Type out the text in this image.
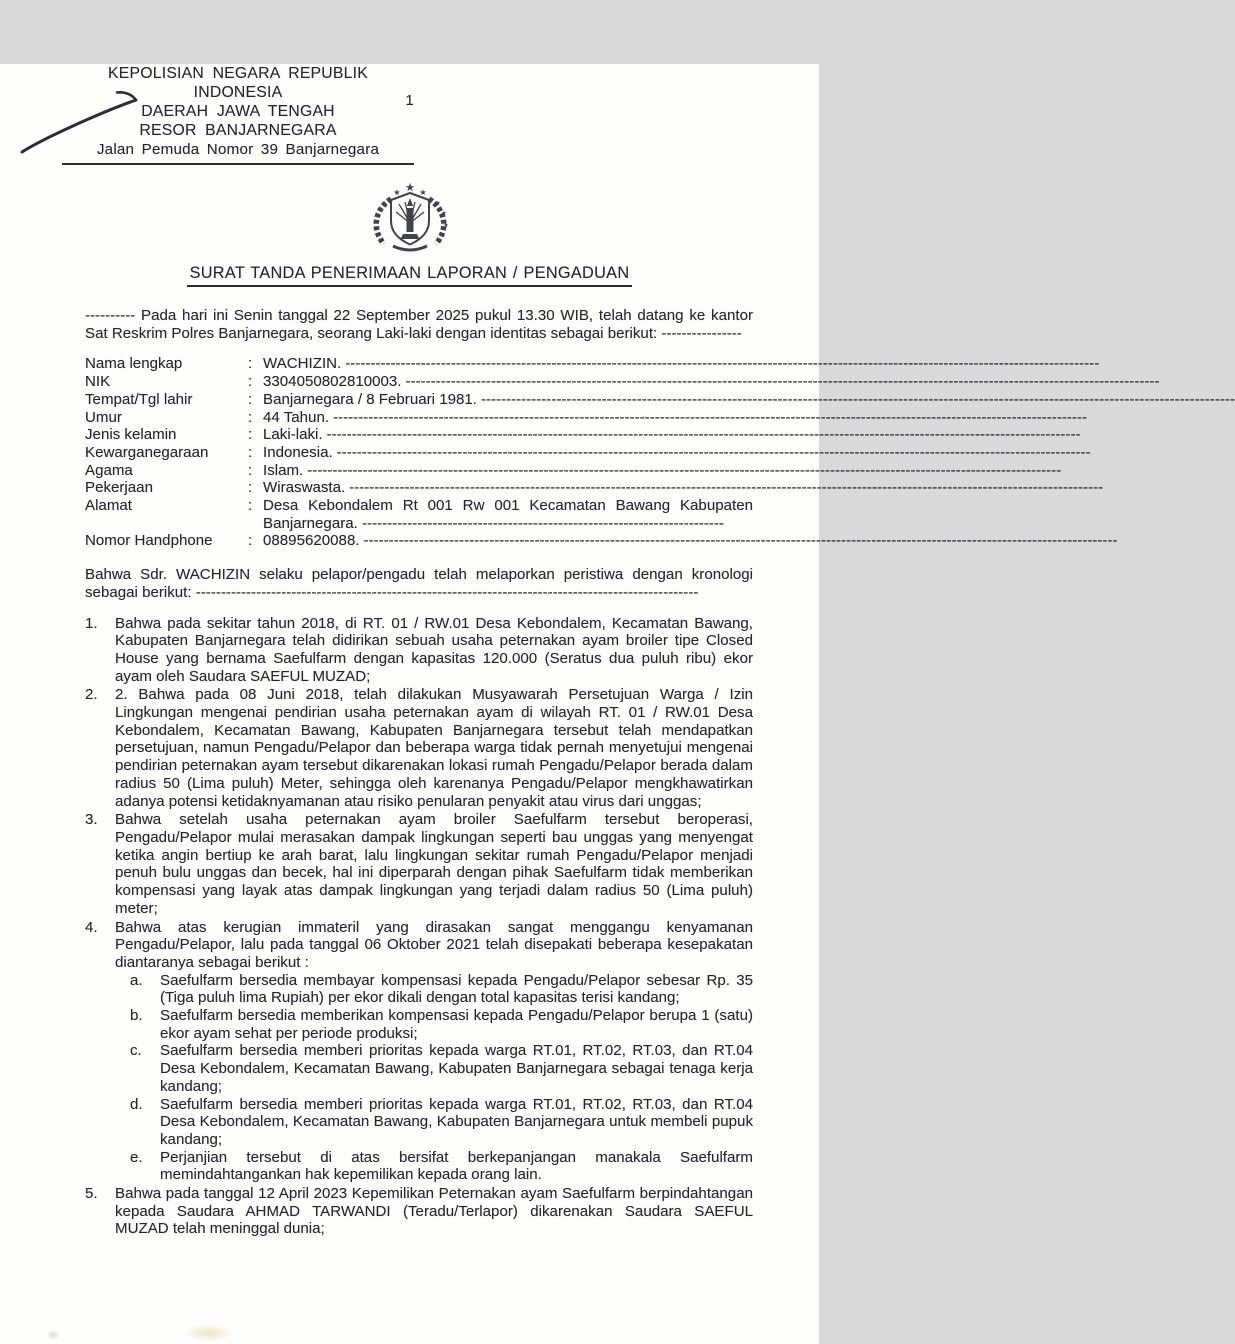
1
KEPOLISIAN NEGARA REPUBLIK INDONESIA
DAERAH JAWA TENGAH
RESOR BANJARNEGARA
Jalan Pemuda Nomor 39 Banjarnegara
★
★ ★
★
★
★
SURAT TANDA PENERIMAAN LAPORAN / PENGADUAN

---------- Pada hari ini Senin tanggal 22 September 2025 pukul 13.30 WIB, telah datang ke kantor Sat Reskrim Polres Banjarnegara, seorang Laki-laki dengan identitas sebagai berikut: ----------------

Nama lengkap	: WACHIZIN. ------------------------------------------------------------------------------------------------------------------------------------------------------
NIK	: 3304050802810003. ------------------------------------------------------------------------------------------------------------------------------------------------------
Tempat/Tgl lahir	: Banjarnegara / 8 Februari 1981. ------------------------------------------------------------------------------------------------------------------------------------------------------
Umur	: 44 Tahun. ------------------------------------------------------------------------------------------------------------------------------------------------------
Jenis kelamin	: Laki-laki. ------------------------------------------------------------------------------------------------------------------------------------------------------
Kewarganegaraan	: Indonesia. ------------------------------------------------------------------------------------------------------------------------------------------------------
Agama	: Islam. ------------------------------------------------------------------------------------------------------------------------------------------------------
Pekerjaan	: Wiraswasta. ------------------------------------------------------------------------------------------------------------------------------------------------------
Alamat	: Desa Kebondalem Rt 001 Rw 001 Kecamatan Bawang Kabupaten Banjarnegara. ------------------------------------------------------------------------
Nomor Handphone	: 08895620088. ------------------------------------------------------------------------------------------------------------------------------------------------------

Bahwa Sdr. WACHIZIN selaku pelapor/pengadu telah melaporkan peristiwa dengan kronologi sebagai berikut: ----------------------------------------------------------------------------------------------------

1.	Bahwa pada sekitar tahun 2018, di RT. 01 / RW.01 Desa Kebondalem, Kecamatan Bawang, Kabupaten Banjarnegara telah didirikan sebuah usaha peternakan ayam broiler tipe Closed House yang bernama Saefulfarm dengan kapasitas 120.000 (Seratus dua puluh ribu) ekor ayam oleh Saudara SAEFUL MUZAD;
2.	2. Bahwa pada 08 Juni 2018, telah dilakukan Musyawarah Persetujuan Warga / Izin Lingkungan mengenai pendirian usaha peternakan ayam di wilayah RT. 01 / RW.01 Desa Kebondalem, Kecamatan Bawang, Kabupaten Banjarnegara tersebut telah mendapatkan persetujuan, namun Pengadu/Pelapor dan beberapa warga tidak pernah menyetujui mengenai pendirian peternakan ayam tersebut dikarenakan lokasi rumah Pengadu/Pelapor berada dalam radius 50 (Lima puluh) Meter, sehingga oleh karenanya Pengadu/Pelapor mengkhawatirkan adanya potensi ketidaknyamanan atau risiko penularan penyakit atau virus dari unggas;
3.	Bahwa setelah usaha peternakan ayam broiler Saefulfarm tersebut beroperasi, Pengadu/Pelapor mulai merasakan dampak lingkungan seperti bau unggas yang menyengat ketika angin bertiup ke arah barat, lalu lingkungan sekitar rumah Pengadu/Pelapor menjadi penuh bulu unggas dan becek, hal ini diperparah dengan pihak Saefulfarm tidak memberikan kompensasi yang layak atas dampak lingkungan yang terjadi dalam radius 50 (Lima puluh) meter;
4.	Bahwa atas kerugian immateril yang dirasakan sangat menggangu kenyamanan Pengadu/Pelapor, lalu pada tanggal 06 Oktober 2021 telah disepakati beberapa kesepakatan diantaranya sebagai berikut :
a.	Saefulfarm bersedia membayar kompensasi kepada Pengadu/Pelapor sebesar Rp. 35 (Tiga puluh lima Rupiah) per ekor dikali dengan total kapasitas terisi kandang;
b.	Saefulfarm bersedia memberikan kompensasi kepada Pengadu/Pelapor berupa 1 (satu) ekor ayam sehat per periode produksi;
c.	Saefulfarm bersedia memberi prioritas kepada warga RT.01, RT.02, RT.03, dan RT.04 Desa Kebondalem, Kecamatan Bawang, Kabupaten Banjarnegara sebagai tenaga kerja kandang;
d.	Saefulfarm bersedia memberi prioritas kepada warga RT.01, RT.02, RT.03, dan RT.04 Desa Kebondalem, Kecamatan Bawang, Kabupaten Banjarnegara untuk membeli pupuk kandang;
e.	Perjanjian tersebut di atas bersifat berkepanjangan manakala Saefulfarm memindahtangankan hak kepemilikan kepada orang lain.
5.	Bahwa pada tanggal 12 April 2023 Kepemilikan Peternakan ayam Saefulfarm berpindahtangan kepada Saudara AHMAD TARWANDI (Teradu/Terlapor) dikarenakan Saudara SAEFUL MUZAD telah meninggal dunia;
